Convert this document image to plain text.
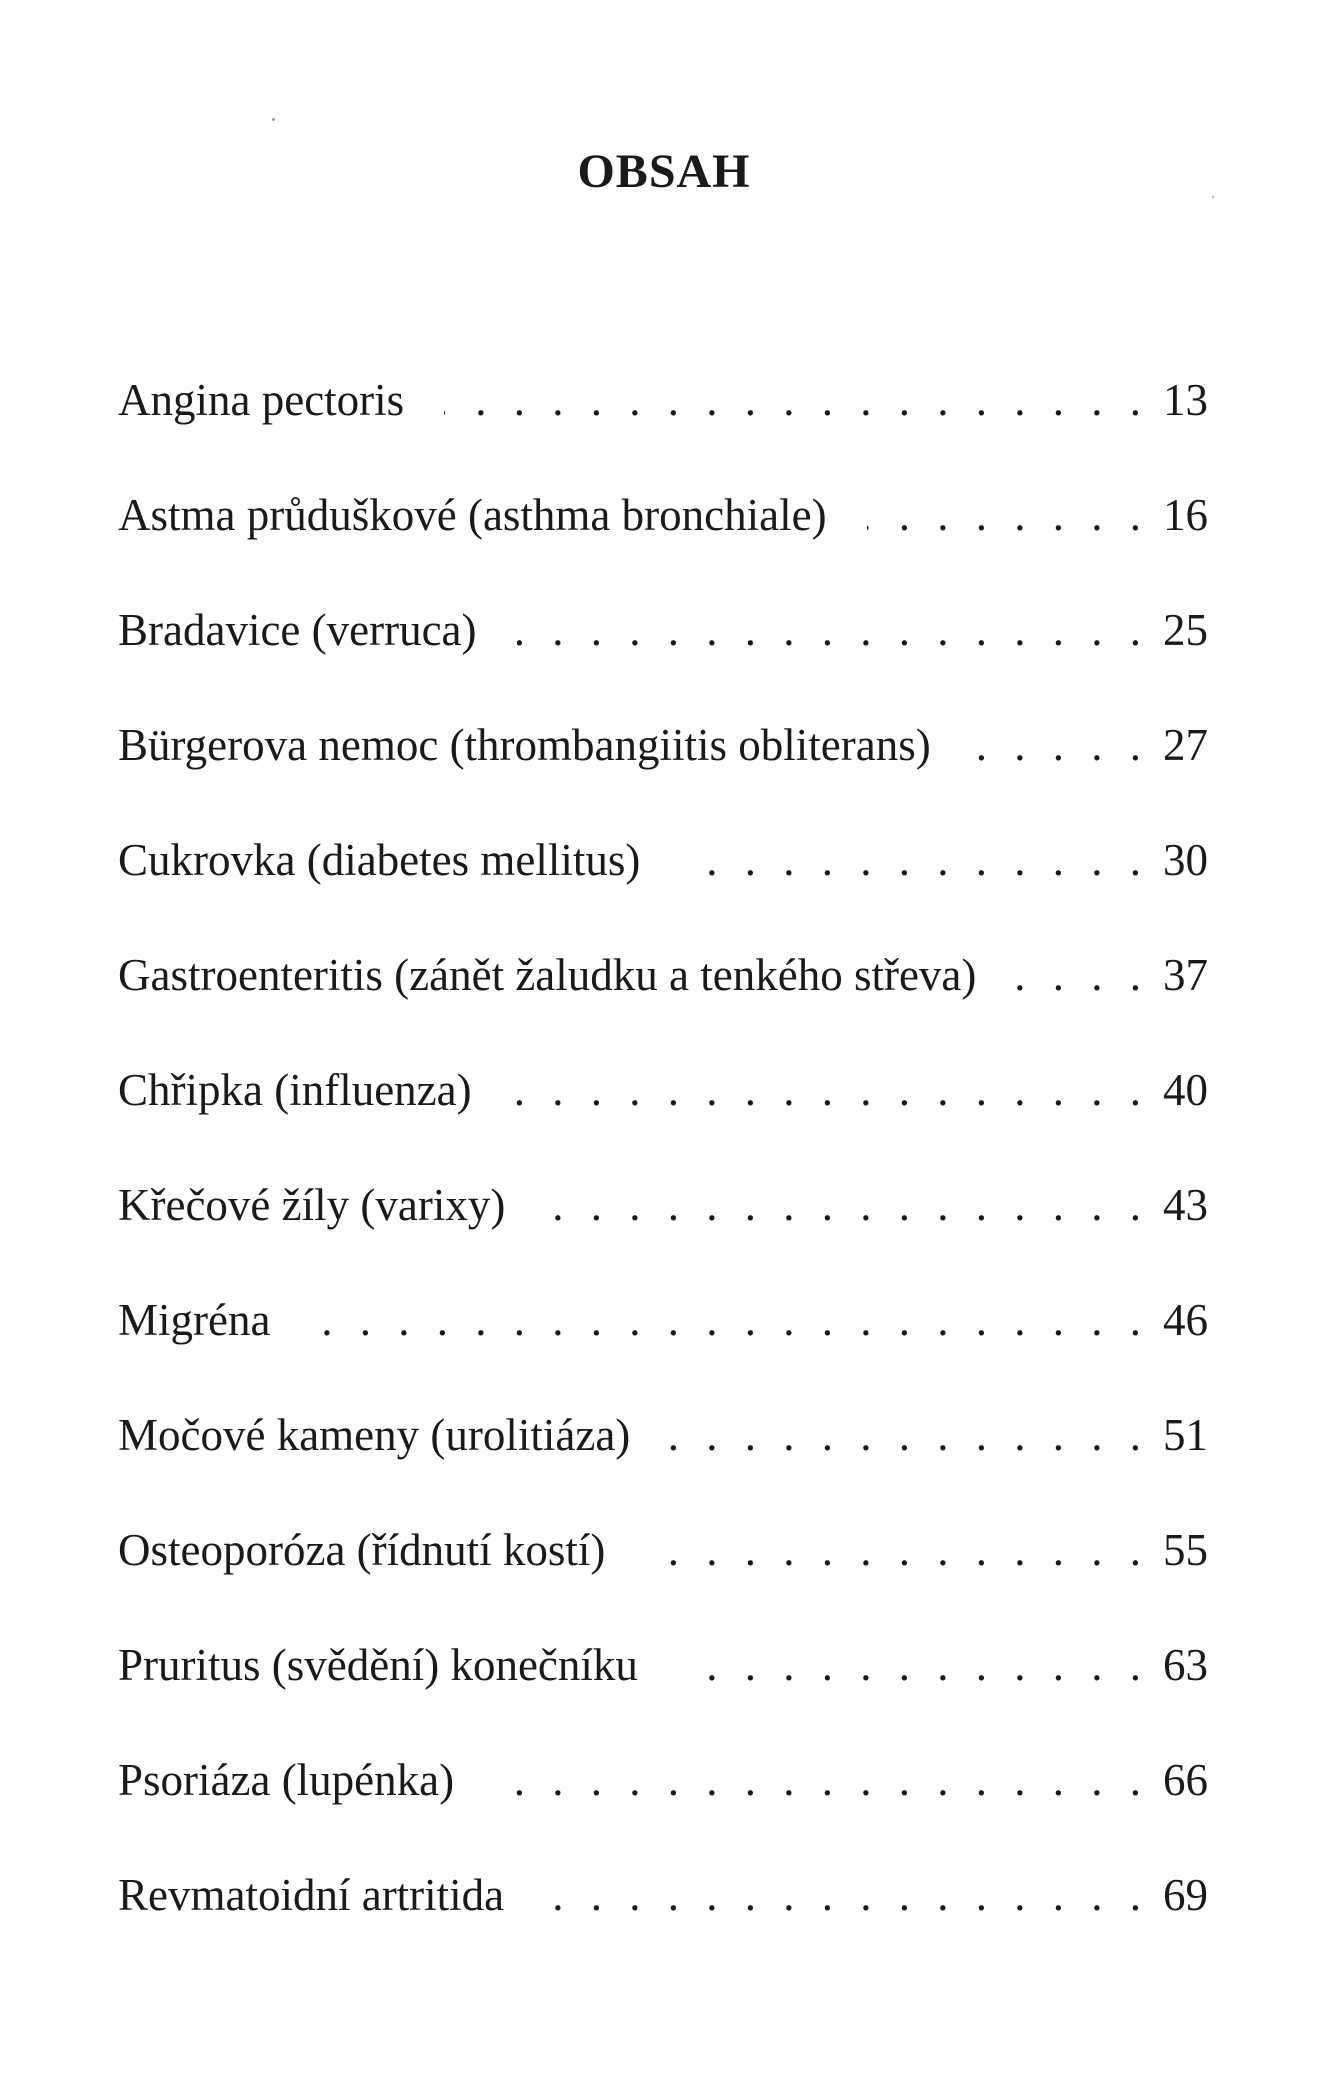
OBSAH
Angina pectoris . . .	13
Astma průduškové (asthma bronchiale) . . .	16
Bradavice (verruca) . . .	25
Bürgerova nemoc (thrombangiitis obliterans) . . .	27
Cukrovka (diabetes mellitus) . . .	30
Gastroenteritis (zánět žaludku a tenkého střeva) . . .	37
Chřipka (influenza) . . .	40
Křečové žíly (varixy) . . .	43
Migréna . . .	46
Močové kameny (urolitiáza) . . .	51
Osteoporóza (řídnutí kostí) . . .	55
Pruritus (svědění) konečníku . . .	63
Psoriáza (lupénka) . . .	66
Revmatoidní artritida . . .	69
